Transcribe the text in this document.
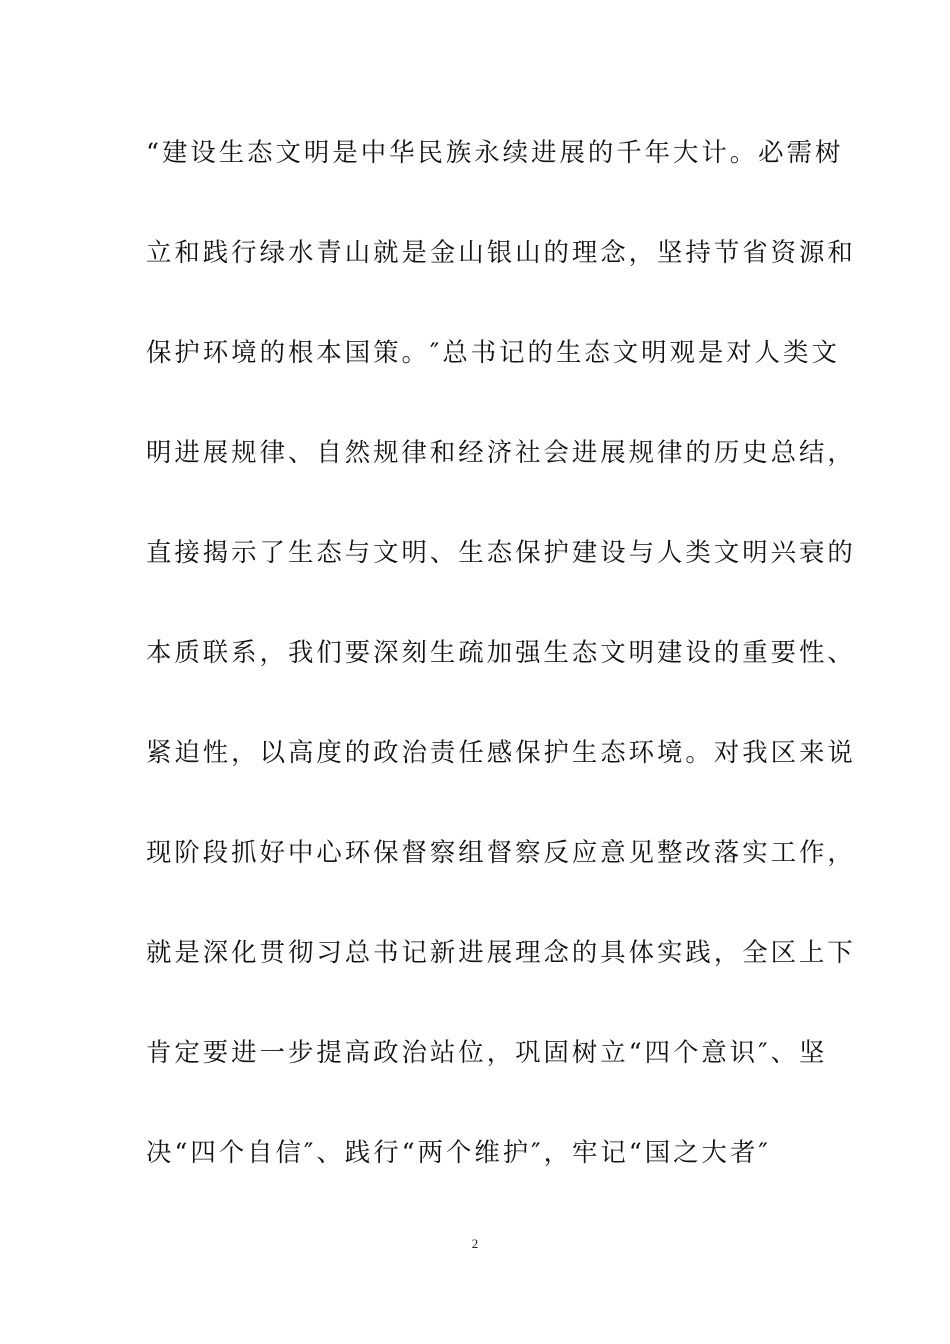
“建设生态文明是中华民族永续进展的千年大计。必需树
立和践行绿水青山就是金山银山的理念，坚持节省资源和
保护环境的根本国策。″总书记的生态文明观是对人类文
明进展规律、自然规律和经济社会进展规律的历史总结，
直接揭示了生态与文明、生态保护建设与人类文明兴衰的
本质联系，我们要深刻生疏加强生态文明建设的重要性、
紧迫性，以高度的政治责任感保护生态环境。对我区来说
现阶段抓好中心环保督察组督察反应意见整改落实工作，
就是深化贯彻习总书记新进展理念的具体实践，全区上下
肯定要进一步提高政治站位，巩固树立“四个意识″、坚
决“四个自信″、践行“两个维护″，牢记“国之大者″
2
